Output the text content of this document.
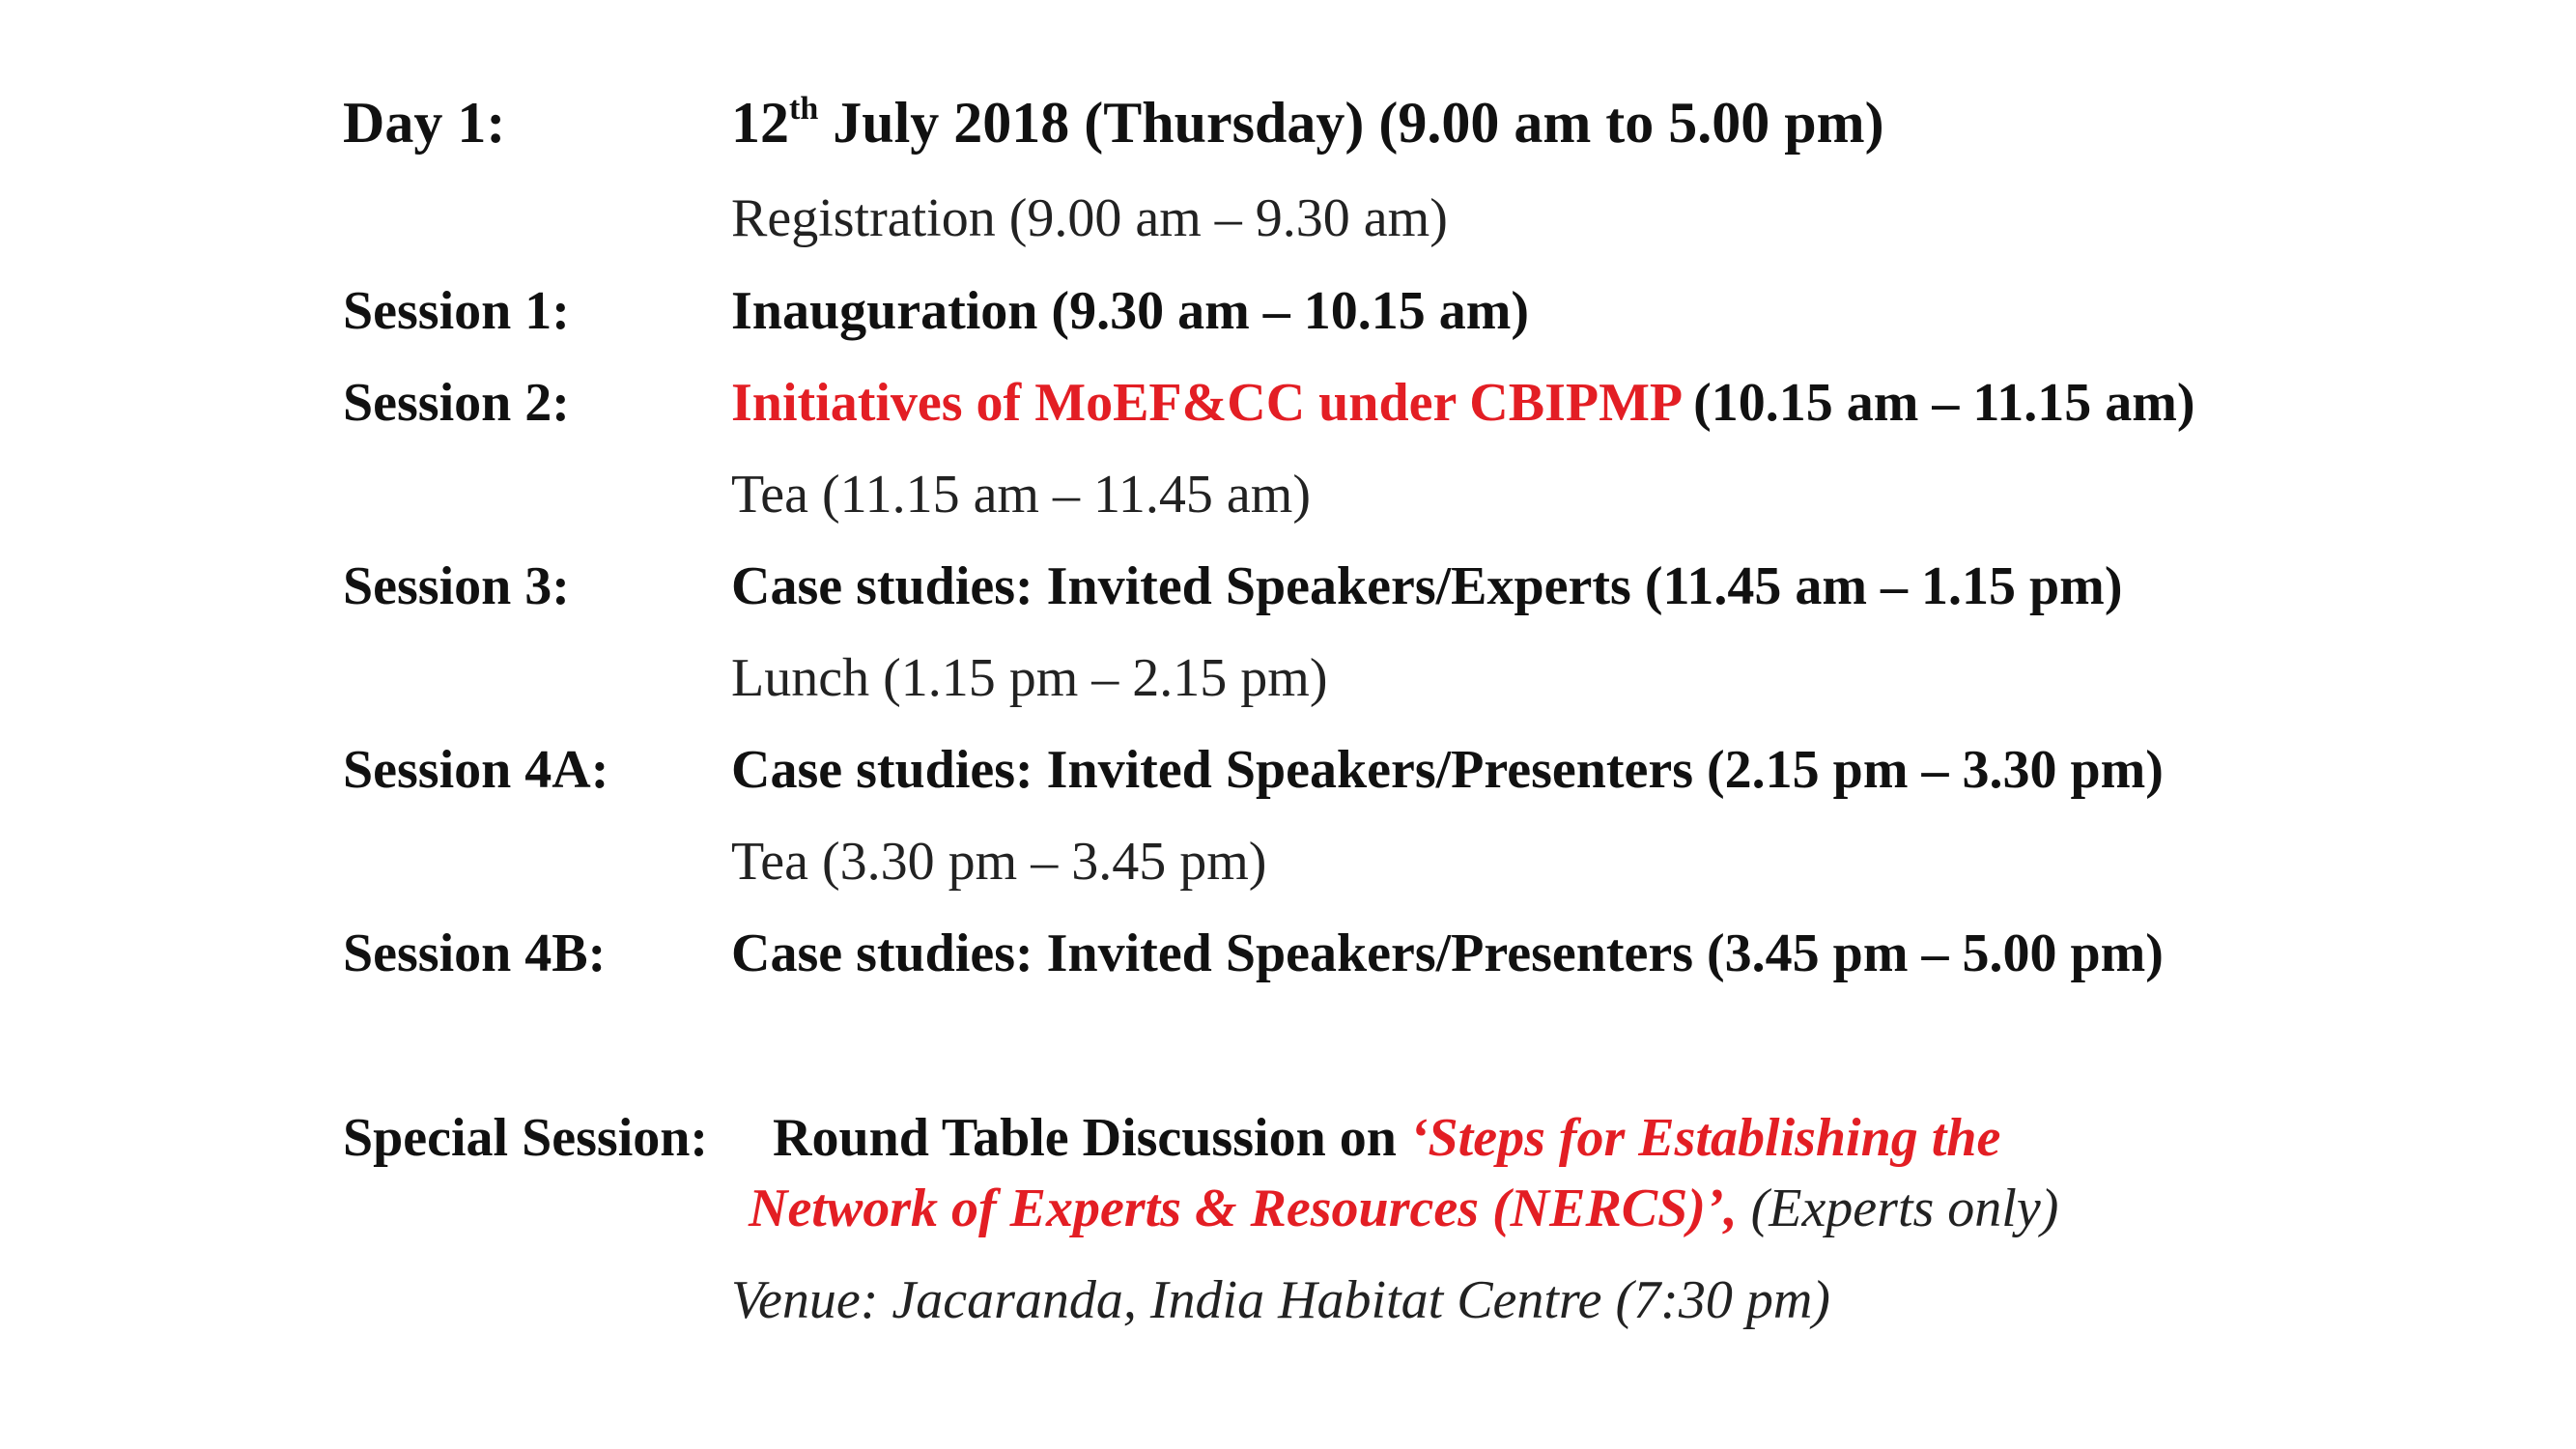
Day 1:	12th July 2018 (Thursday) (9.00 am to 5.00 pm)
Registration (9.00 am – 9.30 am)
Session 1:	Inauguration (9.30 am – 10.15 am)
Session 2:	Initiatives of MoEF&CC under CBIPMP (10.15 am – 11.15 am)
Tea (11.15 am – 11.45 am)
Session 3:	Case studies: Invited Speakers/Experts (11.45 am – 1.15 pm)
Lunch (1.15 pm – 2.15 pm)
Session 4A: Case studies: Invited Speakers/Presenters (2.15 pm – 3.30 pm)
Tea (3.30 pm – 3.45 pm)
Session 4B: Case studies: Invited Speakers/Presenters (3.45 pm – 5.00 pm)
Special Session: Round Table Discussion on ‘Steps for Establishing the
Network of Experts & Resources (NERCS)’, (Experts only)
Venue: Jacaranda, India Habitat Centre (7:30 pm)
